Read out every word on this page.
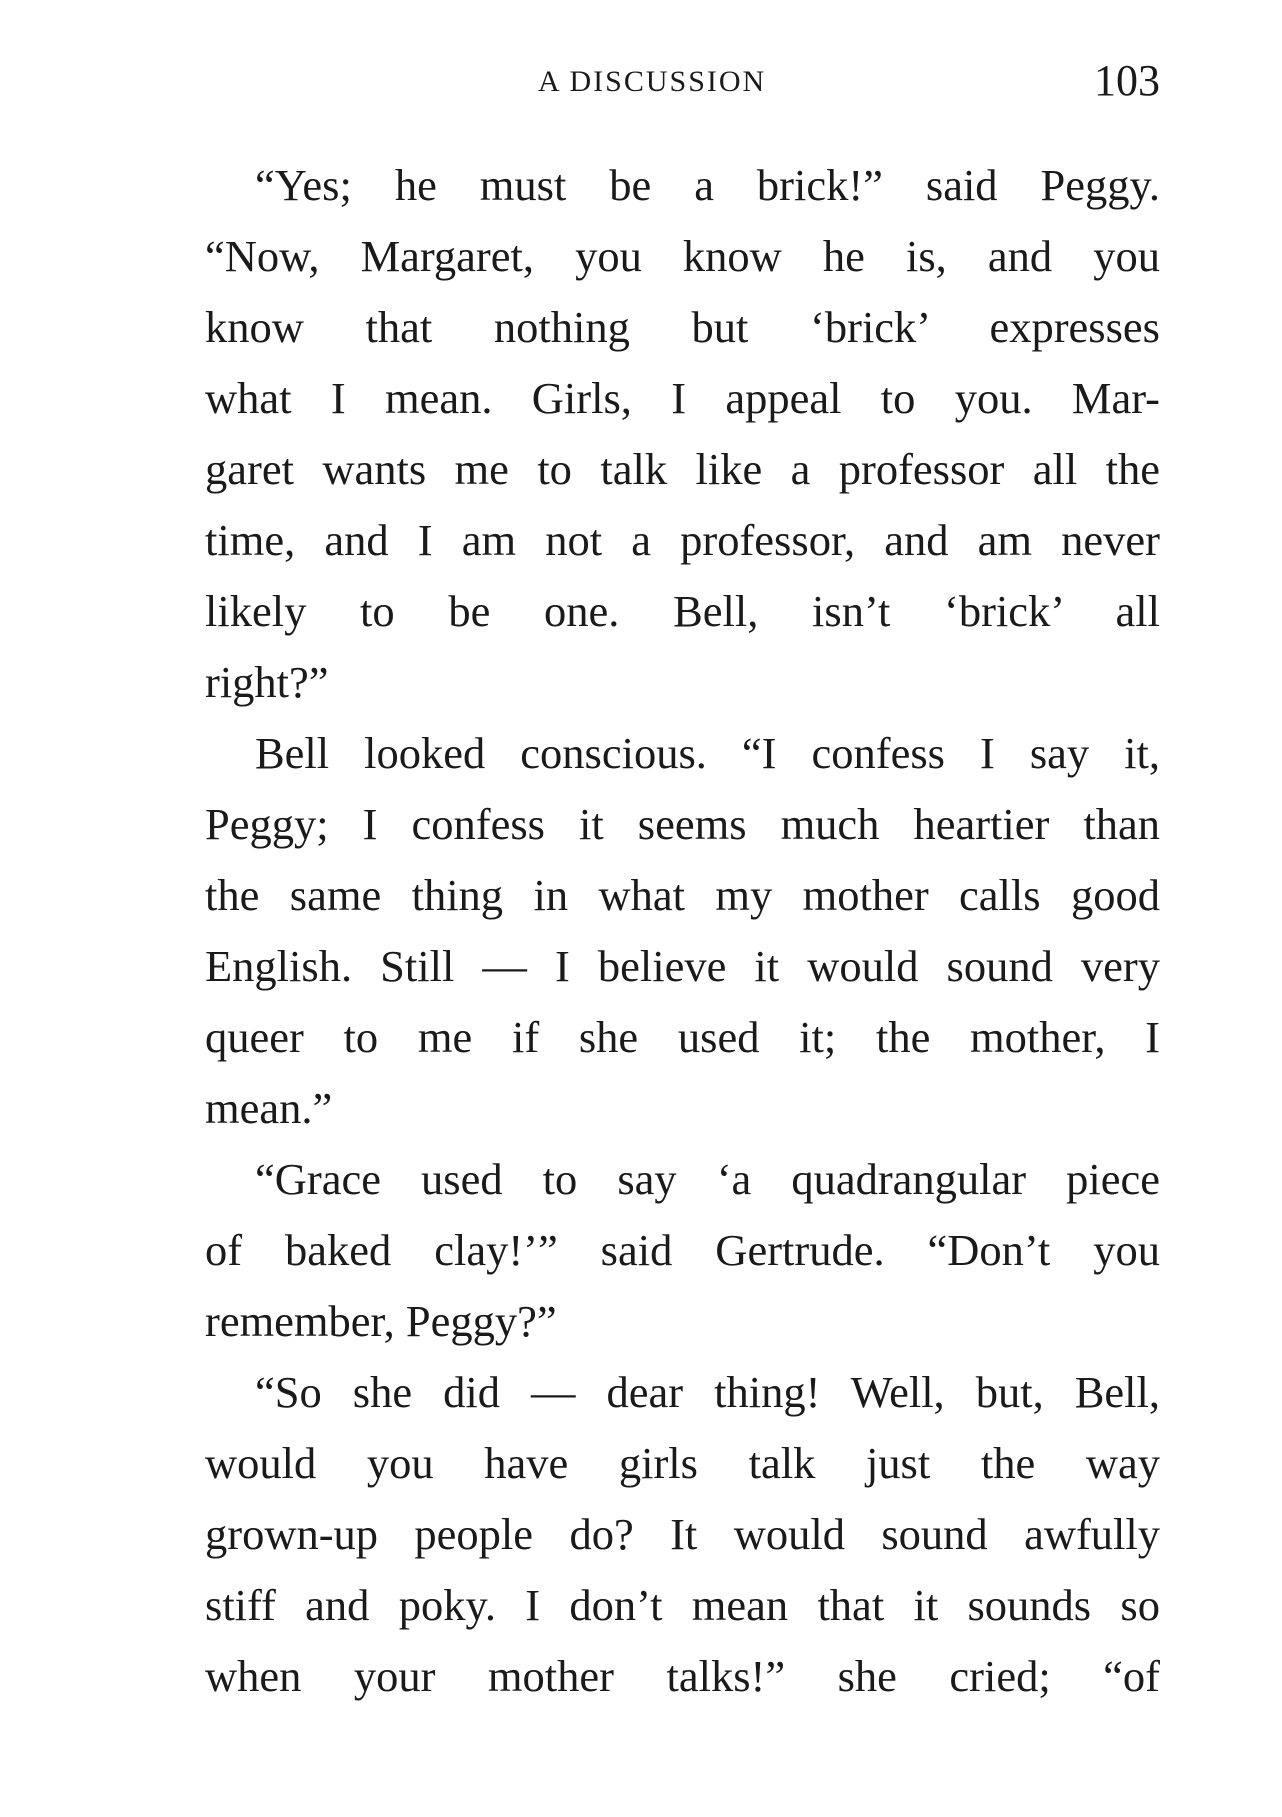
A DISCUSSION	103

“Yes; he must be a brick!” said Peggy.
“Now, Margaret, you know he is, and you
know that nothing but ‘brick’ expresses
what I mean. Girls, I appeal to you. Mar-
garet wants me to talk like a professor all the
time, and I am not a professor, and am never
likely to be one. Bell, isn’t ‘brick’ all
right?”

Bell looked conscious. “I confess I say it,
Peggy; I confess it seems much heartier than
the same thing in what my mother calls good
English. Still — I believe it would sound very
queer to me if she used it; the mother, I
mean.”

“Grace used to say ‘a quadrangular piece
of baked clay!’” said Gertrude. “Don’t you
remember, Peggy?”

“So she did — dear thing! Well, but, Bell,
would you have girls talk just the way
grown-up people do? It would sound awfully
stiff and poky. I don’t mean that it sounds so
when your mother talks!” she cried; “of
